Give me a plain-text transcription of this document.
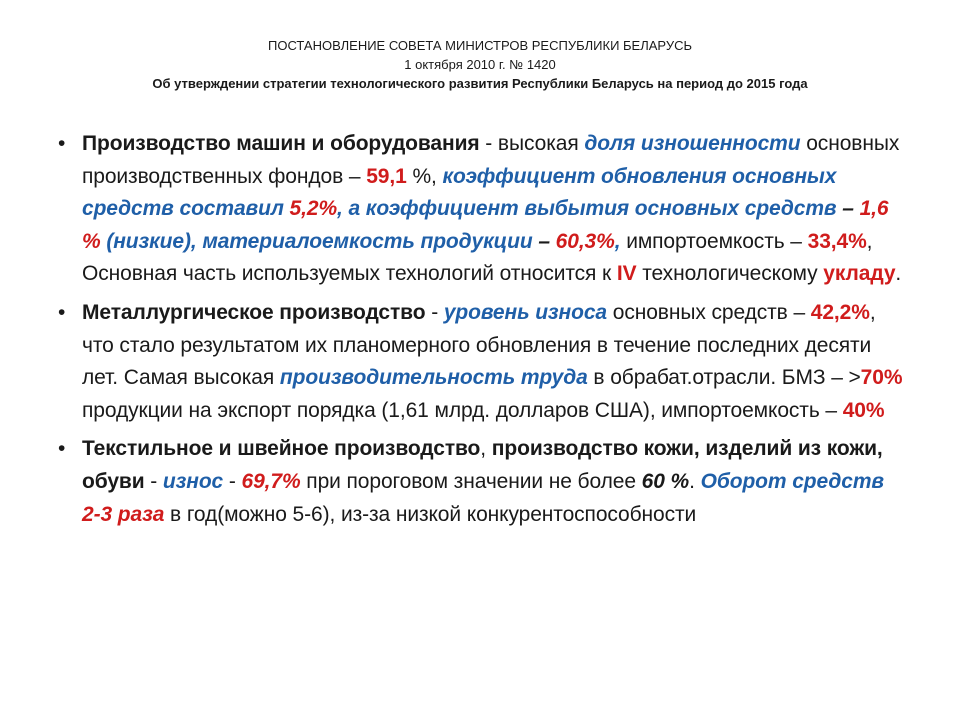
ПОСТАНОВЛЕНИЕ СОВЕТА МИНИСТРОВ РЕСПУБЛИКИ БЕЛАРУСЬ
1 октября 2010 г. № 1420
Об утверждении стратегии технологического развития Республики Беларусь на период до 2015 года
• Производство машин и оборудования - высокая доля изношенности основных производственных фондов – 59,1 %, коэффициент обновления основных средств составил 5,2%, а коэффициент выбытия основных средств – 1,6 % (низкие), материалоемкость продукции – 60,3%, импортоемкость – 33,4%, Основная часть используемых технологий относится к IV технологическому укладу.
• Металлургическое производство - уровень износа основных средств – 42,2%, что стало результатом их планомерного обновления в течение последних десяти лет. Самая высокая производительность труда в обрабат.отрасли. БМЗ – >70% продукции на экспорт порядка (1,61 млрд. долларов США), импортоемкость – 40%
• Текстильное и швейное производство, производство кожи, изделий из кожи, обуви - износ - 69,7% при пороговом значении не более 60 %. Оборот средств 2-3 раза в год(можно 5-6), из-за низкой конкурентоспособности
